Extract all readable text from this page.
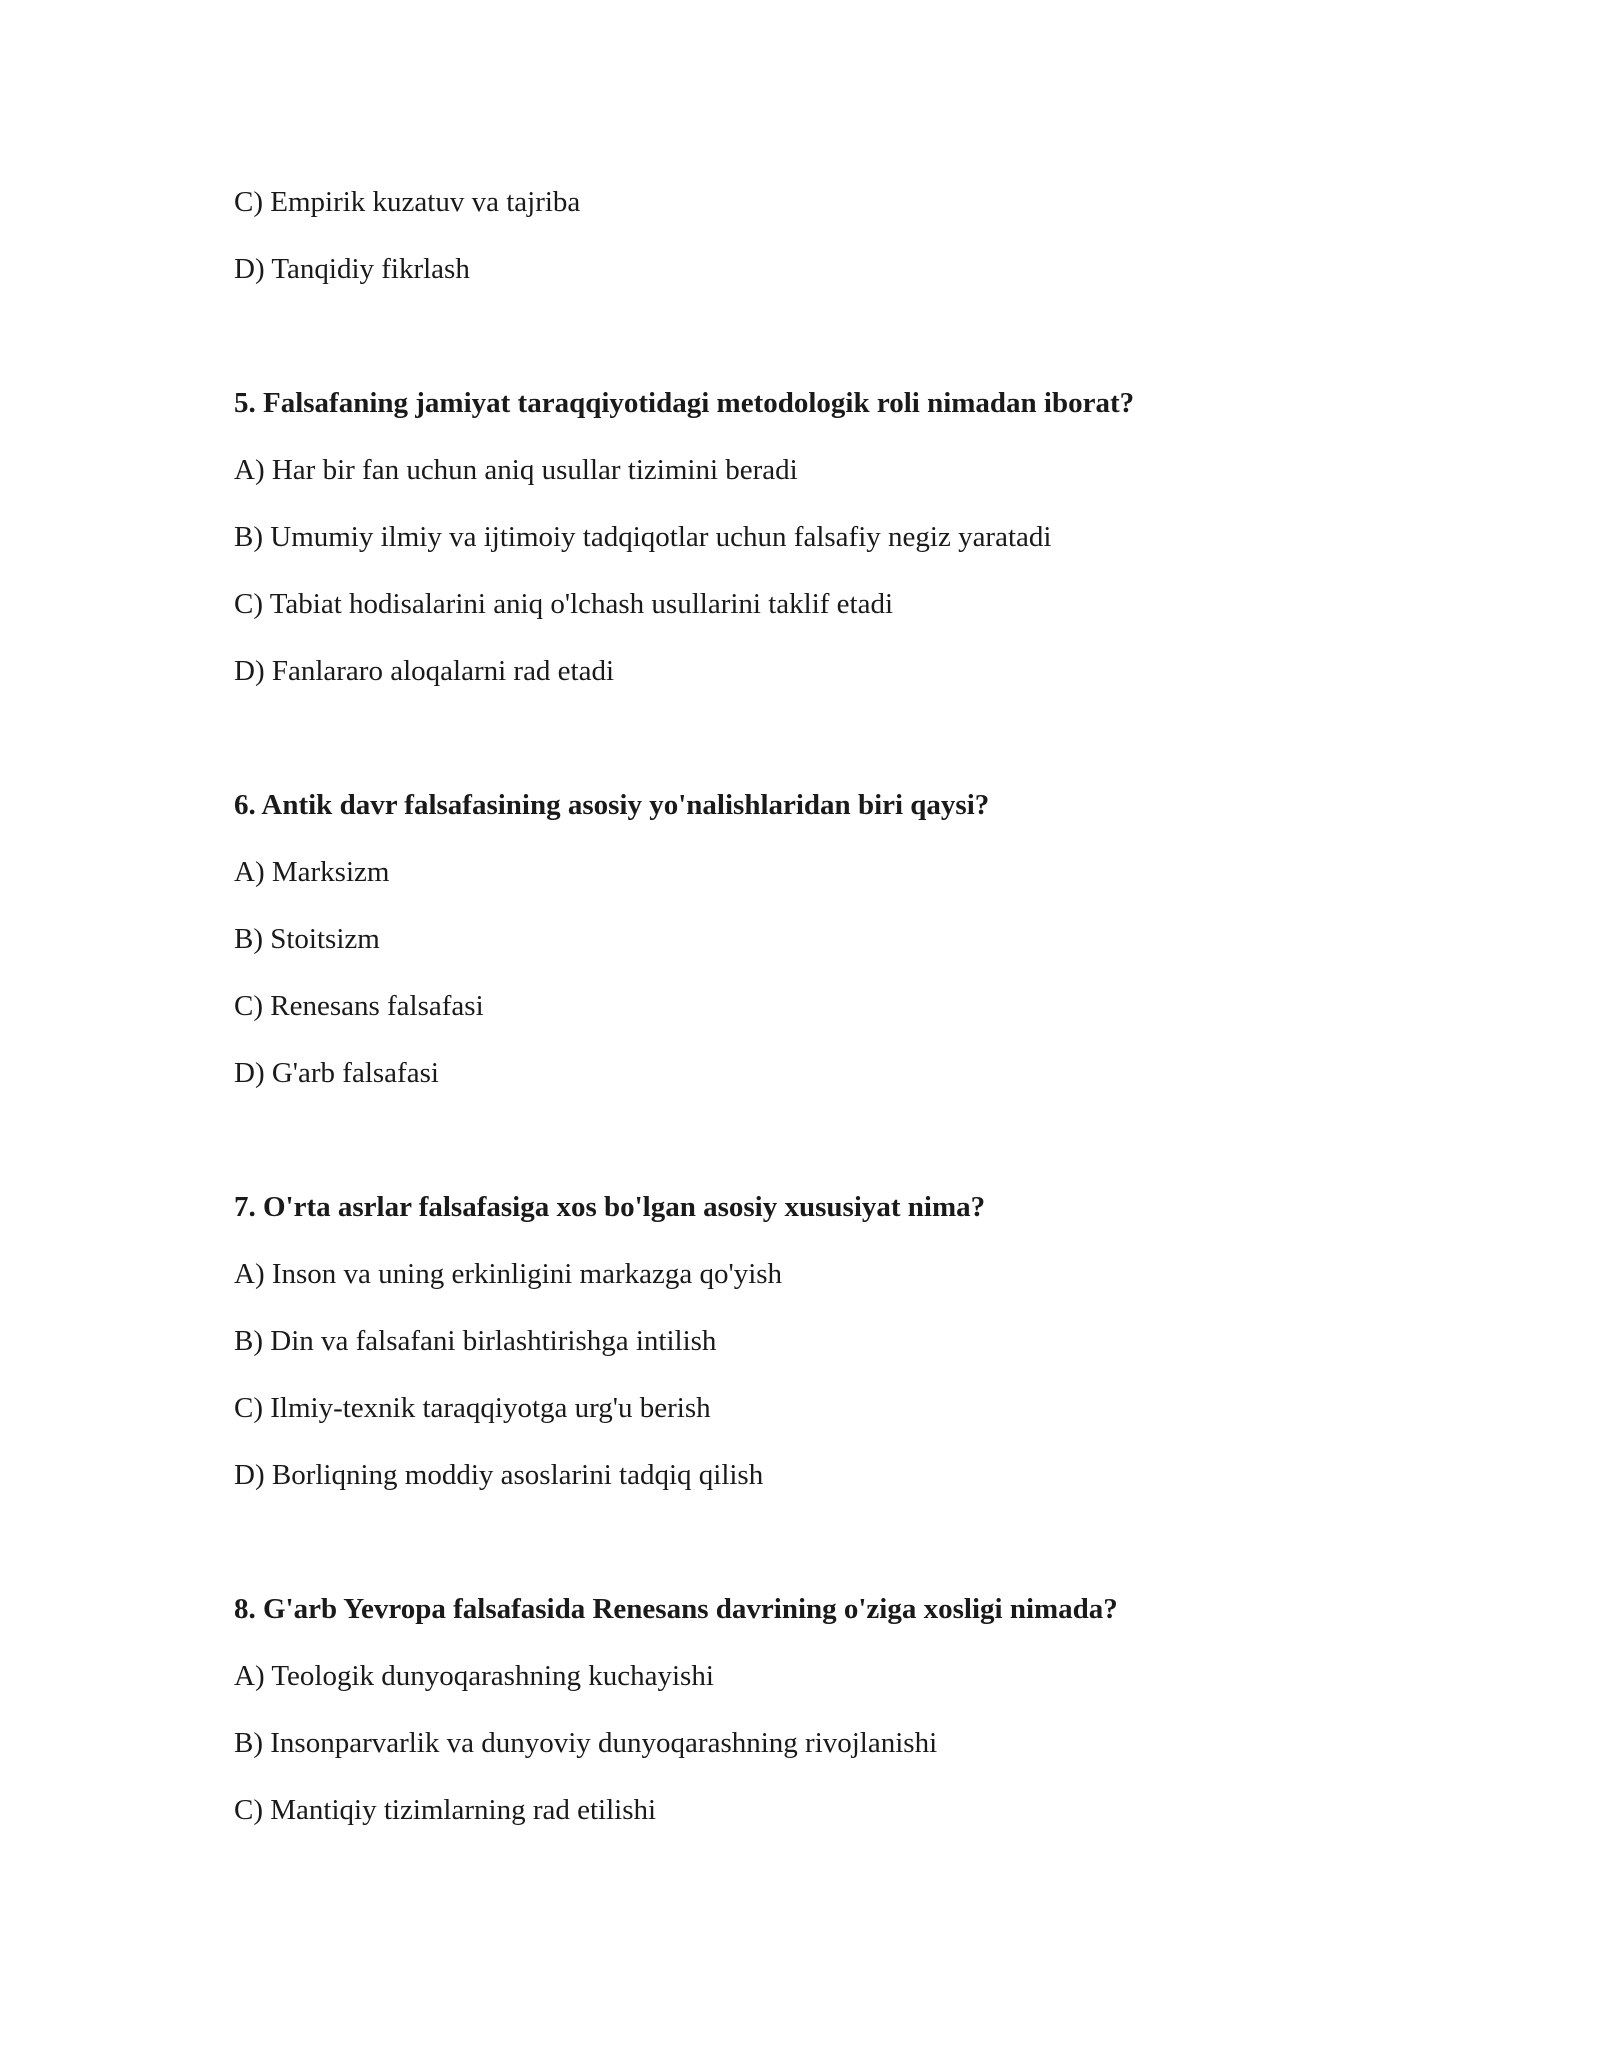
C) Empirik kuzatuv va tajriba
D) Tanqidiy fikrlash
5. Falsafaning jamiyat taraqqiyotidagi metodologik roli nimadan iborat?
A) Har bir fan uchun aniq usullar tizimini beradi
B) Umumiy ilmiy va ijtimoiy tadqiqotlar uchun falsafiy negiz yaratadi
C) Tabiat hodisalarini aniq o'lchash usullarini taklif etadi
D) Fanlararo aloqalarni rad etadi
6. Antik davr falsafasining asosiy yo'nalishlaridan biri qaysi?
A) Marksizm
B) Stoitsizm
C) Renesans falsafasi
D) G'arb falsafasi
7. O'rta asrlar falsafasiga xos bo'lgan asosiy xususiyat nima?
A) Inson va uning erkinligini markazga qo'yish
B) Din va falsafani birlashtirishga intilish
C) Ilmiy-texnik taraqqiyotga urg'u berish
D) Borliqning moddiy asoslarini tadqiq qilish
8. G'arb Yevropa falsafasida Renesans davrining o'ziga xosligi nimada?
A) Teologik dunyoqarashning kuchayishi
B) Insonparvarlik va dunyoviy dunyoqarashning rivojlanishi
C) Mantiqiy tizimlarning rad etilishi
